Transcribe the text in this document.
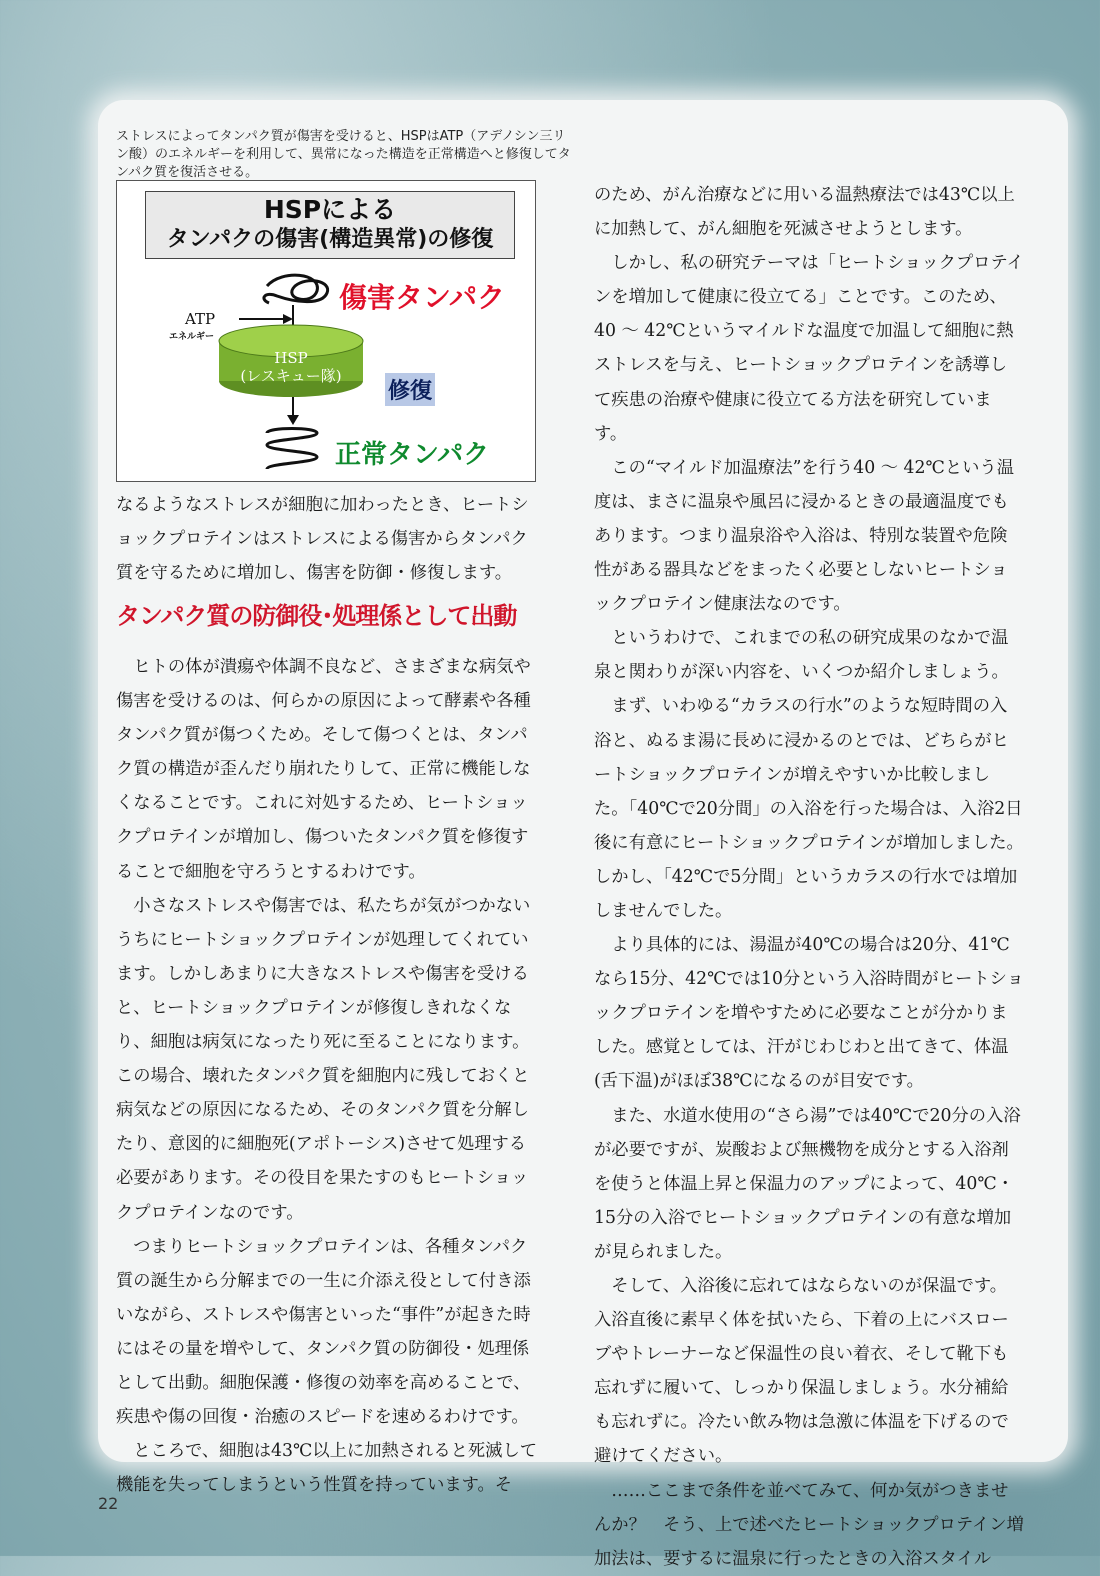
ストレスによってタンパク質が傷害を受けると、HSPはATP（アデノシン三リン酸）のエネルギーを利用して、異常になった構造を正常構造へと修復してタンパク質を復活させる。

HSPによる
タンパクの傷害(構造異常)の修復
傷害タンパク
ATP
エネルギー
HSP
(レスキュー隊)
修復
正常タンパク

なるようなストレスが細胞に加わったとき、ヒートショックプロテインはストレスによる傷害からタンパク質を守るために増加し、傷害を防御・修復します。

タンパク質の防御役･処理係として出動

ヒトの体が潰瘍や体調不良など、さまざまな病気や傷害を受けるのは、何らかの原因によって酵素や各種タンパク質が傷つくため。そして傷つくとは、タンパク質の構造が歪んだり崩れたりして、正常に機能しなくなることです。これに対処するため、ヒートショックプロテインが増加し、傷ついたタンパク質を修復することで細胞を守ろうとするわけです。

小さなストレスや傷害では、私たちが気がつかないうちにヒートショックプロテインが処理してくれています。しかしあまりに大きなストレスや傷害を受けると、ヒートショックプロテインが修復しきれなくなり、細胞は病気になったり死に至ることになります。この場合、壊れたタンパク質を細胞内に残しておくと病気などの原因になるため、そのタンパク質を分解したり、意図的に細胞死(アポトーシス)させて処理する必要があります。その役目を果たすのもヒートショックプロテインなのです。

つまりヒートショックプロテインは、各種タンパク質の誕生から分解までの一生に介添え役として付き添いながら、ストレスや傷害といった“事件”が起きた時にはその量を増やして、タンパク質の防御役・処理係として出動。細胞保護・修復の効率を高めることで、疾患や傷の回復・治癒のスピードを速めるわけです。

ところで、細胞は43℃以上に加熱されると死滅して機能を失ってしまうという性質を持っています。そ

のため、がん治療などに用いる温熱療法では43℃以上に加熱して、がん細胞を死滅させようとします。

しかし、私の研究テーマは「ヒートショックプロテインを増加して健康に役立てる」ことです。このため、40 ～ 42℃というマイルドな温度で加温して細胞に熱ストレスを与え、ヒートショックプロテインを誘導して疾患の治療や健康に役立てる方法を研究しています。

この“マイルド加温療法”を行う40 ～ 42℃という温度は、まさに温泉や風呂に浸かるときの最適温度でもあります。つまり温泉浴や入浴は、特別な装置や危険性がある器具などをまったく必要としないヒートショックプロテイン健康法なのです。

というわけで、これまでの私の研究成果のなかで温泉と関わりが深い内容を、いくつか紹介しましょう。

まず、いわゆる“カラスの行水”のような短時間の入浴と、ぬるま湯に長めに浸かるのとでは、どちらがヒートショックプロテインが増えやすいか比較しました。「40℃で20分間」の入浴を行った場合は、入浴2日後に有意にヒートショックプロテインが増加しました。しかし、「42℃で5分間」というカラスの行水では増加しませんでした。

より具体的には、湯温が40℃の場合は20分、41℃なら15分、42℃では10分という入浴時間がヒートショックプロテインを増やすために必要なことが分かりました。感覚としては、汗がじわじわと出てきて、体温(舌下温)がほぼ38℃になるのが目安です。

また、水道水使用の“さら湯”では40℃で20分の入浴が必要ですが、炭酸および無機物を成分とする入浴剤を使うと体温上昇と保温力のアップによって、40℃・15分の入浴でヒートショックプロテインの有意な増加が見られました。

そして、入浴後に忘れてはならないのが保温です。入浴直後に素早く体を拭いたら、下着の上にバスローブやトレーナーなど保温性の良い着衣、そして靴下も忘れずに履いて、しっかり保温しましょう。水分補給も忘れずに。冷たい飲み物は急激に体温を下げるので避けてください。

……ここまで条件を並べてみて、何か気がつきませんか？　そう、上で述べたヒートショックプロテイン増加法は、要するに温泉に行ったときの入浴スタイル

22
